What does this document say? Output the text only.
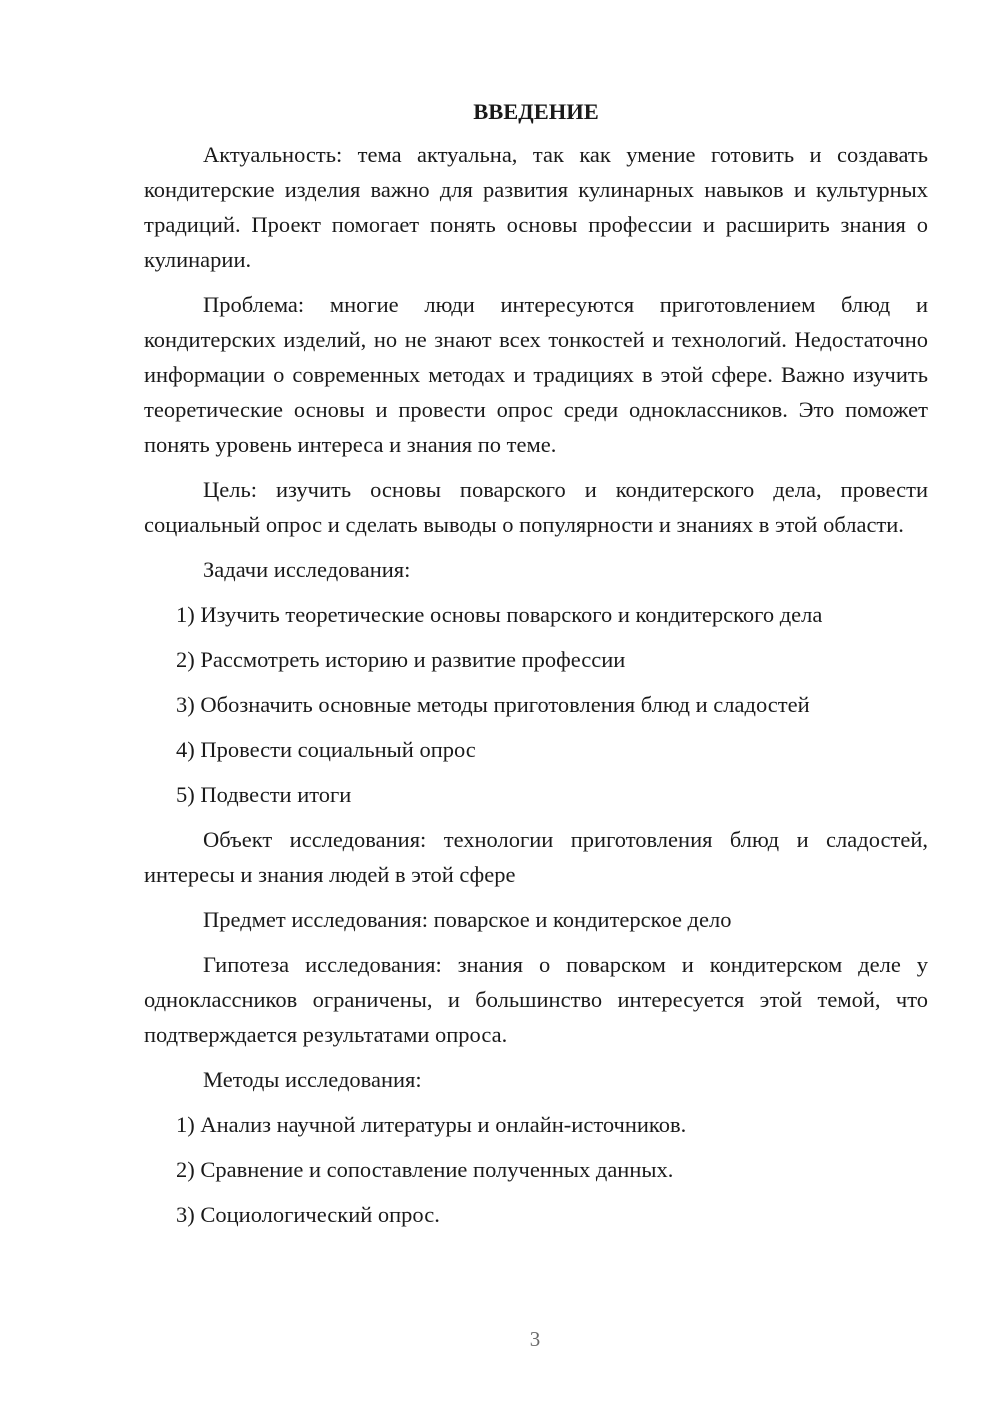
ВВЕДЕНИЕ

Актуальность: тема актуальна, так как умение готовить и создавать кондитерские изделия важно для развития кулинарных навыков и культурных традиций. Проект помогает понять основы профессии и расширить знания о кулинарии.

Проблема: многие люди интересуются приготовлением блюд и кондитерских изделий, но не знают всех тонкостей и технологий. Недостаточно информации о современных методах и традициях в этой сфере. Важно изучить теоретические основы и провести опрос среди одноклассников. Это поможет понять уровень интереса и знания по теме.

Цель: изучить основы поварского и кондитерского дела, провести социальный опрос и сделать выводы о популярности и знаниях в этой области.

Задачи исследования:
1) Изучить теоретические основы поварского и кондитерского дела
2) Рассмотреть историю и развитие профессии
3) Обозначить основные методы приготовления блюд и сладостей
4) Провести социальный опрос
5) Подвести итоги

Объект исследования: технологии приготовления блюд и сладостей, интересы и знания людей в этой сфере

Предмет исследования: поварское и кондитерское дело

Гипотеза исследования: знания о поварском и кондитерском деле у одноклассников ограничены, и большинство интересуется этой темой, что подтверждается результатами опроса.

Методы исследования:
1) Анализ научной литературы и онлайн-источников.
2) Сравнение и сопоставление полученных данных.
3) Социологический опрос.
3
